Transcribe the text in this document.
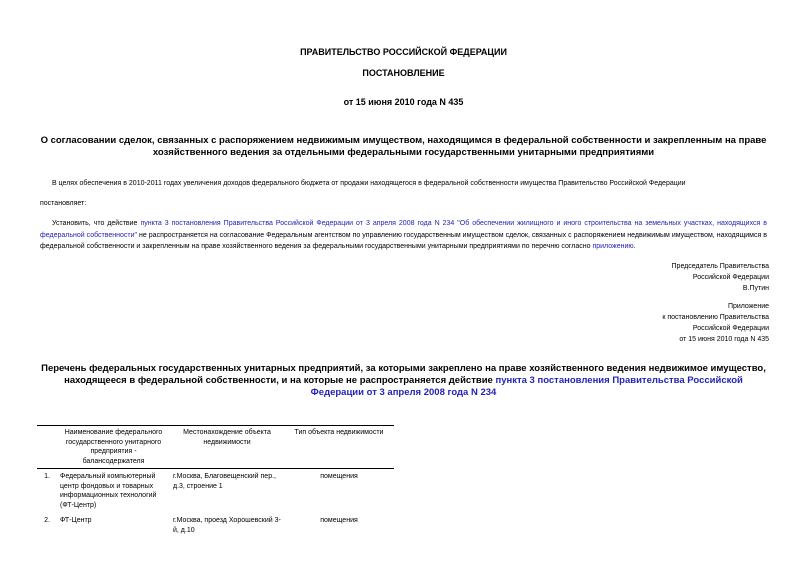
ПРАВИТЕЛЬСТВО РОССИЙСКОЙ ФЕДЕРАЦИИ
ПОСТАНОВЛЕНИЕ
от 15 июня 2010 года N 435
О согласовании сделок, связанных с распоряжением недвижимым имуществом, находящимся в федеральной собственности и закрепленным на праве хозяйственного ведения за отдельными федеральными государственными унитарными предприятиями
В целях обеспечения в 2010-2011 годах увеличения доходов федерального бюджета от продажи находящегося в федеральной собственности имущества Правительство Российской Федерации
постановляет:
Установить, что действие пункта 3 постановления Правительства Российской Федерации от 3 апреля 2008 года N 234 "Об обеспечении жилищного и иного строительства на земельных участках, находящихся в федеральной собственности" не распространяется на согласование Федеральным агентством по управлению государственным имуществом сделок, связанных с распоряжением недвижимым имуществом, находящимся в федеральной собственности и закрепленным на праве хозяйственного ведения за федеральными государственными унитарными предприятиями по перечню согласно приложению.
Председатель Правительства
Российской Федерации
В.Путин
Приложение
к постановлению Правительства
Российской Федерации
от 15 июня 2010 года N 435
Перечень федеральных государственных унитарных предприятий, за которыми закреплено на праве хозяйственного ведения недвижимое имущество, находящееся в федеральной собственности, и на которые не распространяется действие пункта 3 постановления Правительства Российской Федерации от 3 апреля 2008 года N 234
	Наименование федерального государственного унитарного предприятия - балансодержателя	Местонахождение объекта недвижимости	Тип объекта недвижимости
1.	Федеральный компьютерный центр фондовых и товарных информационных технологий (ФТ-Центр)	г.Москва, Благовещенский пер., д.3, строение 1	помещения
2.	ФТ-Центр	г.Москва, проезд Хорошевский 3-й, д.10	помещения
